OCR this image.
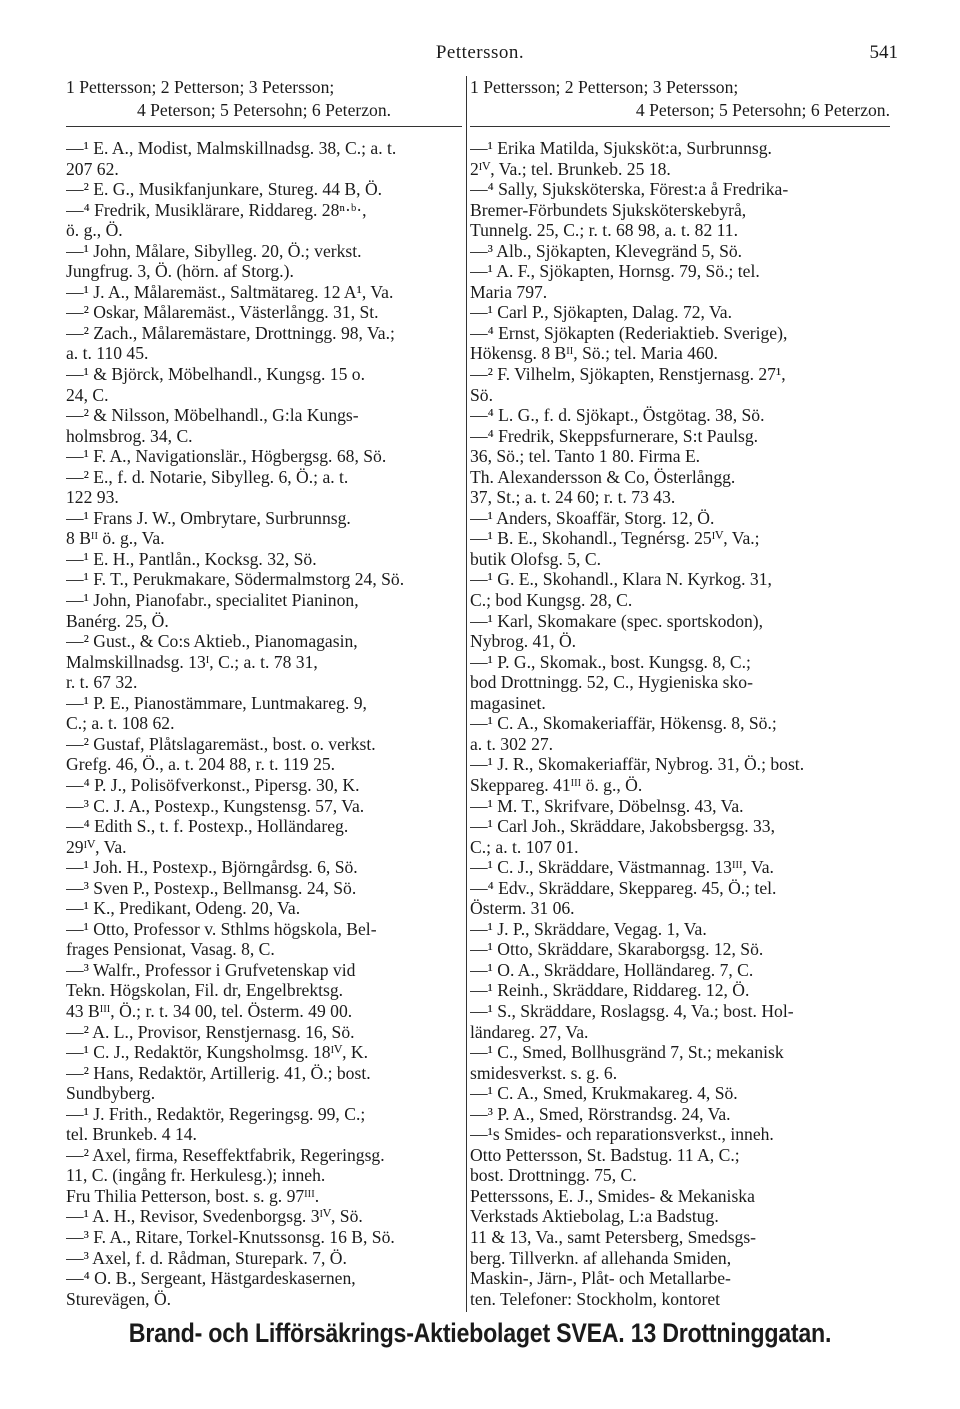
Pettersson.	541
1 Pettersson; 2 Petterson; 3 Petersson;
4 Peterson; 5 Petersohn; 6 Peterzon.
1 Pettersson; 2 Petterson; 3 Petersson;
4 Peterson; 5 Petersohn; 6 Peterzon.
—¹ E. A., Modist, Malmskillnadsg. 38, C.; a. t.
207 62.
—² E. G., Musikfanjunkare, Stureg. 44 B, Ö.
—⁴ Fredrik, Musiklärare, Riddareg. 28ⁿ·ᵇ·,
ö. g., Ö.
—¹ John, Målare, Sibylleg. 20, Ö.; verkst.
Jungfrug. 3, Ö. (hörn. af Storg.).
—¹ J. A., Målaremäst., Saltmätareg. 12 A¹, Va.
—² Oskar, Målaremäst., Västerlångg. 31, St.
—² Zach., Målaremästare, Drottningg. 98, Va.;
a. t. 110 45.
—¹ & Björck, Möbelhandl., Kungsg. 15 o.
24, C.
—² & Nilsson, Möbelhandl., G:la Kungs-
holmsbrog. 34, C.
—¹ F. A., Navigationslär., Högbergsg. 68, Sö.
—² E., f. d. Notarie, Sibylleg. 6, Ö.; a. t.
122 93.
—¹ Frans J. W., Ombrytare, Surbrunnsg.
8 Bᴵᴵ ö. g., Va.
—¹ E. H., Pantlån., Kocksg. 32, Sö.
—¹ F. T., Perukmakare, Södermalmstorg 24, Sö.
—¹ John, Pianofabr., specialitet Pianinon,
Banérg. 25, Ö.
—² Gust., & Co:s Aktieb., Pianomagasin,
Malmskillnadsg. 13ᴵ, C.; a. t. 78 31,
r. t. 67 32.
—¹ P. E., Pianostämmare, Luntmakareg. 9,
C.; a. t. 108 62.
—² Gustaf, Plåtslagaremäst., bost. o. verkst.
Grefg. 46, Ö., a. t. 204 88, r. t. 119 25.
—⁴ P. J., Polisöfverkonst., Pipersg. 30, K.
—³ C. J. A., Postexp., Kungstensg. 57, Va.
—⁴ Edith S., t. f. Postexp., Holländareg.
29ᴵⱽ, Va.
—¹ Joh. H., Postexp., Björngårdsg. 6, Sö.
—³ Sven P., Postexp., Bellmansg. 24, Sö.
—¹ K., Predikant, Odeng. 20, Va.
—¹ Otto, Professor v. Sthlms högskola, Bel-
frages Pensionat, Vasag. 8, C.
—³ Walfr., Professor i Grufvetenskap vid
Tekn. Högskolan, Fil. dr, Engelbrektsg.
43 Bᴵᴵᴵ, Ö.; r. t. 34 00, tel. Österm. 49 00.
—² A. L., Provisor, Renstjernasg. 16, Sö.
—¹ C. J., Redaktör, Kungsholmsg. 18ᴵⱽ, K.
—² Hans, Redaktör, Artillerig. 41, Ö.; bost.
Sundbyberg.
—¹ J. Frith., Redaktör, Regeringsg. 99, C.;
tel. Brunkeb. 4 14.
—² Axel, firma, Reseffektfabrik, Regeringsg.
11, C. (ingång fr. Herkulesg.); inneh.
Fru Thilia Petterson, bost. s. g. 97ᴵᴵᴵ.
—¹ A. H., Revisor, Svedenborgsg. 3ᴵⱽ, Sö.
—³ F. A., Ritare, Torkel-Knutssonsg. 16 B, Sö.
—³ Axel, f. d. Rådman, Sturepark. 7, Ö.
—⁴ O. B., Sergeant, Hästgardeskasernen,
Sturevägen, Ö.
—¹ Erika Matilda, Sjuksköt:a, Surbrunnsg.
2ᴵⱽ, Va.; tel. Brunkeb. 25 18.
—⁴ Sally, Sjuksköterska, Förest:a å Fredrika-
Bremer-Förbundets Sjuksköterskebyrå,
Tunnelg. 25, C.; r. t. 68 98, a. t. 82 11.
—³ Alb., Sjökapten, Klevegränd 5, Sö.
—¹ A. F., Sjökapten, Hornsg. 79, Sö.; tel.
Maria 797.
—¹ Carl P., Sjökapten, Dalag. 72, Va.
—⁴ Ernst, Sjökapten (Rederiaktieb. Sverige),
Hökensg. 8 Bᴵᴵ, Sö.; tel. Maria 460.
—² F. Vilhelm, Sjökapten, Renstjernasg. 27¹,
Sö.
—⁴ L. G., f. d. Sjökapt., Östgötag. 38, Sö.
—⁴ Fredrik, Skeppsfurnerare, S:t Paulsg.
36, Sö.; tel. Tanto 1 80. Firma E.
Th. Alexandersson & Co, Österlångg.
37, St.; a. t. 24 60; r. t. 73 43.
—¹ Anders, Skoaffär, Storg. 12, Ö.
—¹ B. E., Skohandl., Tegnérsg. 25ᴵⱽ, Va.;
butik Olofsg. 5, C.
—¹ G. E., Skohandl., Klara N. Kyrkog. 31,
C.; bod Kungsg. 28, C.
—¹ Karl, Skomakare (spec. sportskodon),
Nybrog. 41, Ö.
—¹ P. G., Skomak., bost. Kungsg. 8, C.;
bod Drottningg. 52, C., Hygieniska sko-
magasinet.
—¹ C. A., Skomakeriaffär, Hökensg. 8, Sö.;
a. t. 302 27.
—¹ J. R., Skomakeriaffär, Nybrog. 31, Ö.; bost.
Skeppareg. 41ᴵᴵᴵ ö. g., Ö.
—¹ M. T., Skrifvare, Döbelnsg. 43, Va.
—¹ Carl Joh., Skräddare, Jakobsbergsg. 33,
C.; a. t. 107 01.
—¹ C. J., Skräddare, Västmannag. 13ᴵᴵᴵ, Va.
—⁴ Edv., Skräddare, Skeppareg. 45, Ö.; tel.
Österm. 31 06.
—¹ J. P., Skräddare, Vegag. 1, Va.
—¹ Otto, Skräddare, Skaraborgsg. 12, Sö.
—¹ O. A., Skräddare, Holländareg. 7, C.
—¹ Reinh., Skräddare, Riddareg. 12, Ö.
—¹ S., Skräddare, Roslagsg. 4, Va.; bost. Hol-
ländareg. 27, Va.
—¹ C., Smed, Bollhusgränd 7, St.; mekanisk
smidesverkst. s. g. 6.
—¹ C. A., Smed, Krukmakareg. 4, Sö.
—³ P. A., Smed, Rörstrandsg. 24, Va.
—¹s Smides- och reparationsverkst., inneh.
Otto Pettersson, St. Badstug. 11 A, C.;
bost. Drottningg. 75, C.
Petterssons, E. J., Smides- & Mekaniska
Verkstads Aktiebolag, L:a Badstug.
11 & 13, Va., samt Petersberg, Smedsgs-
berg. Tillverkn. af allehanda Smiden,
Maskin-, Järn-, Plåt- och Metallarbe-
ten. Telefoner: Stockholm, kontoret
Brand- och Lifförsäkrings-Aktiebolaget SVEA. 13 Drottninggatan.
